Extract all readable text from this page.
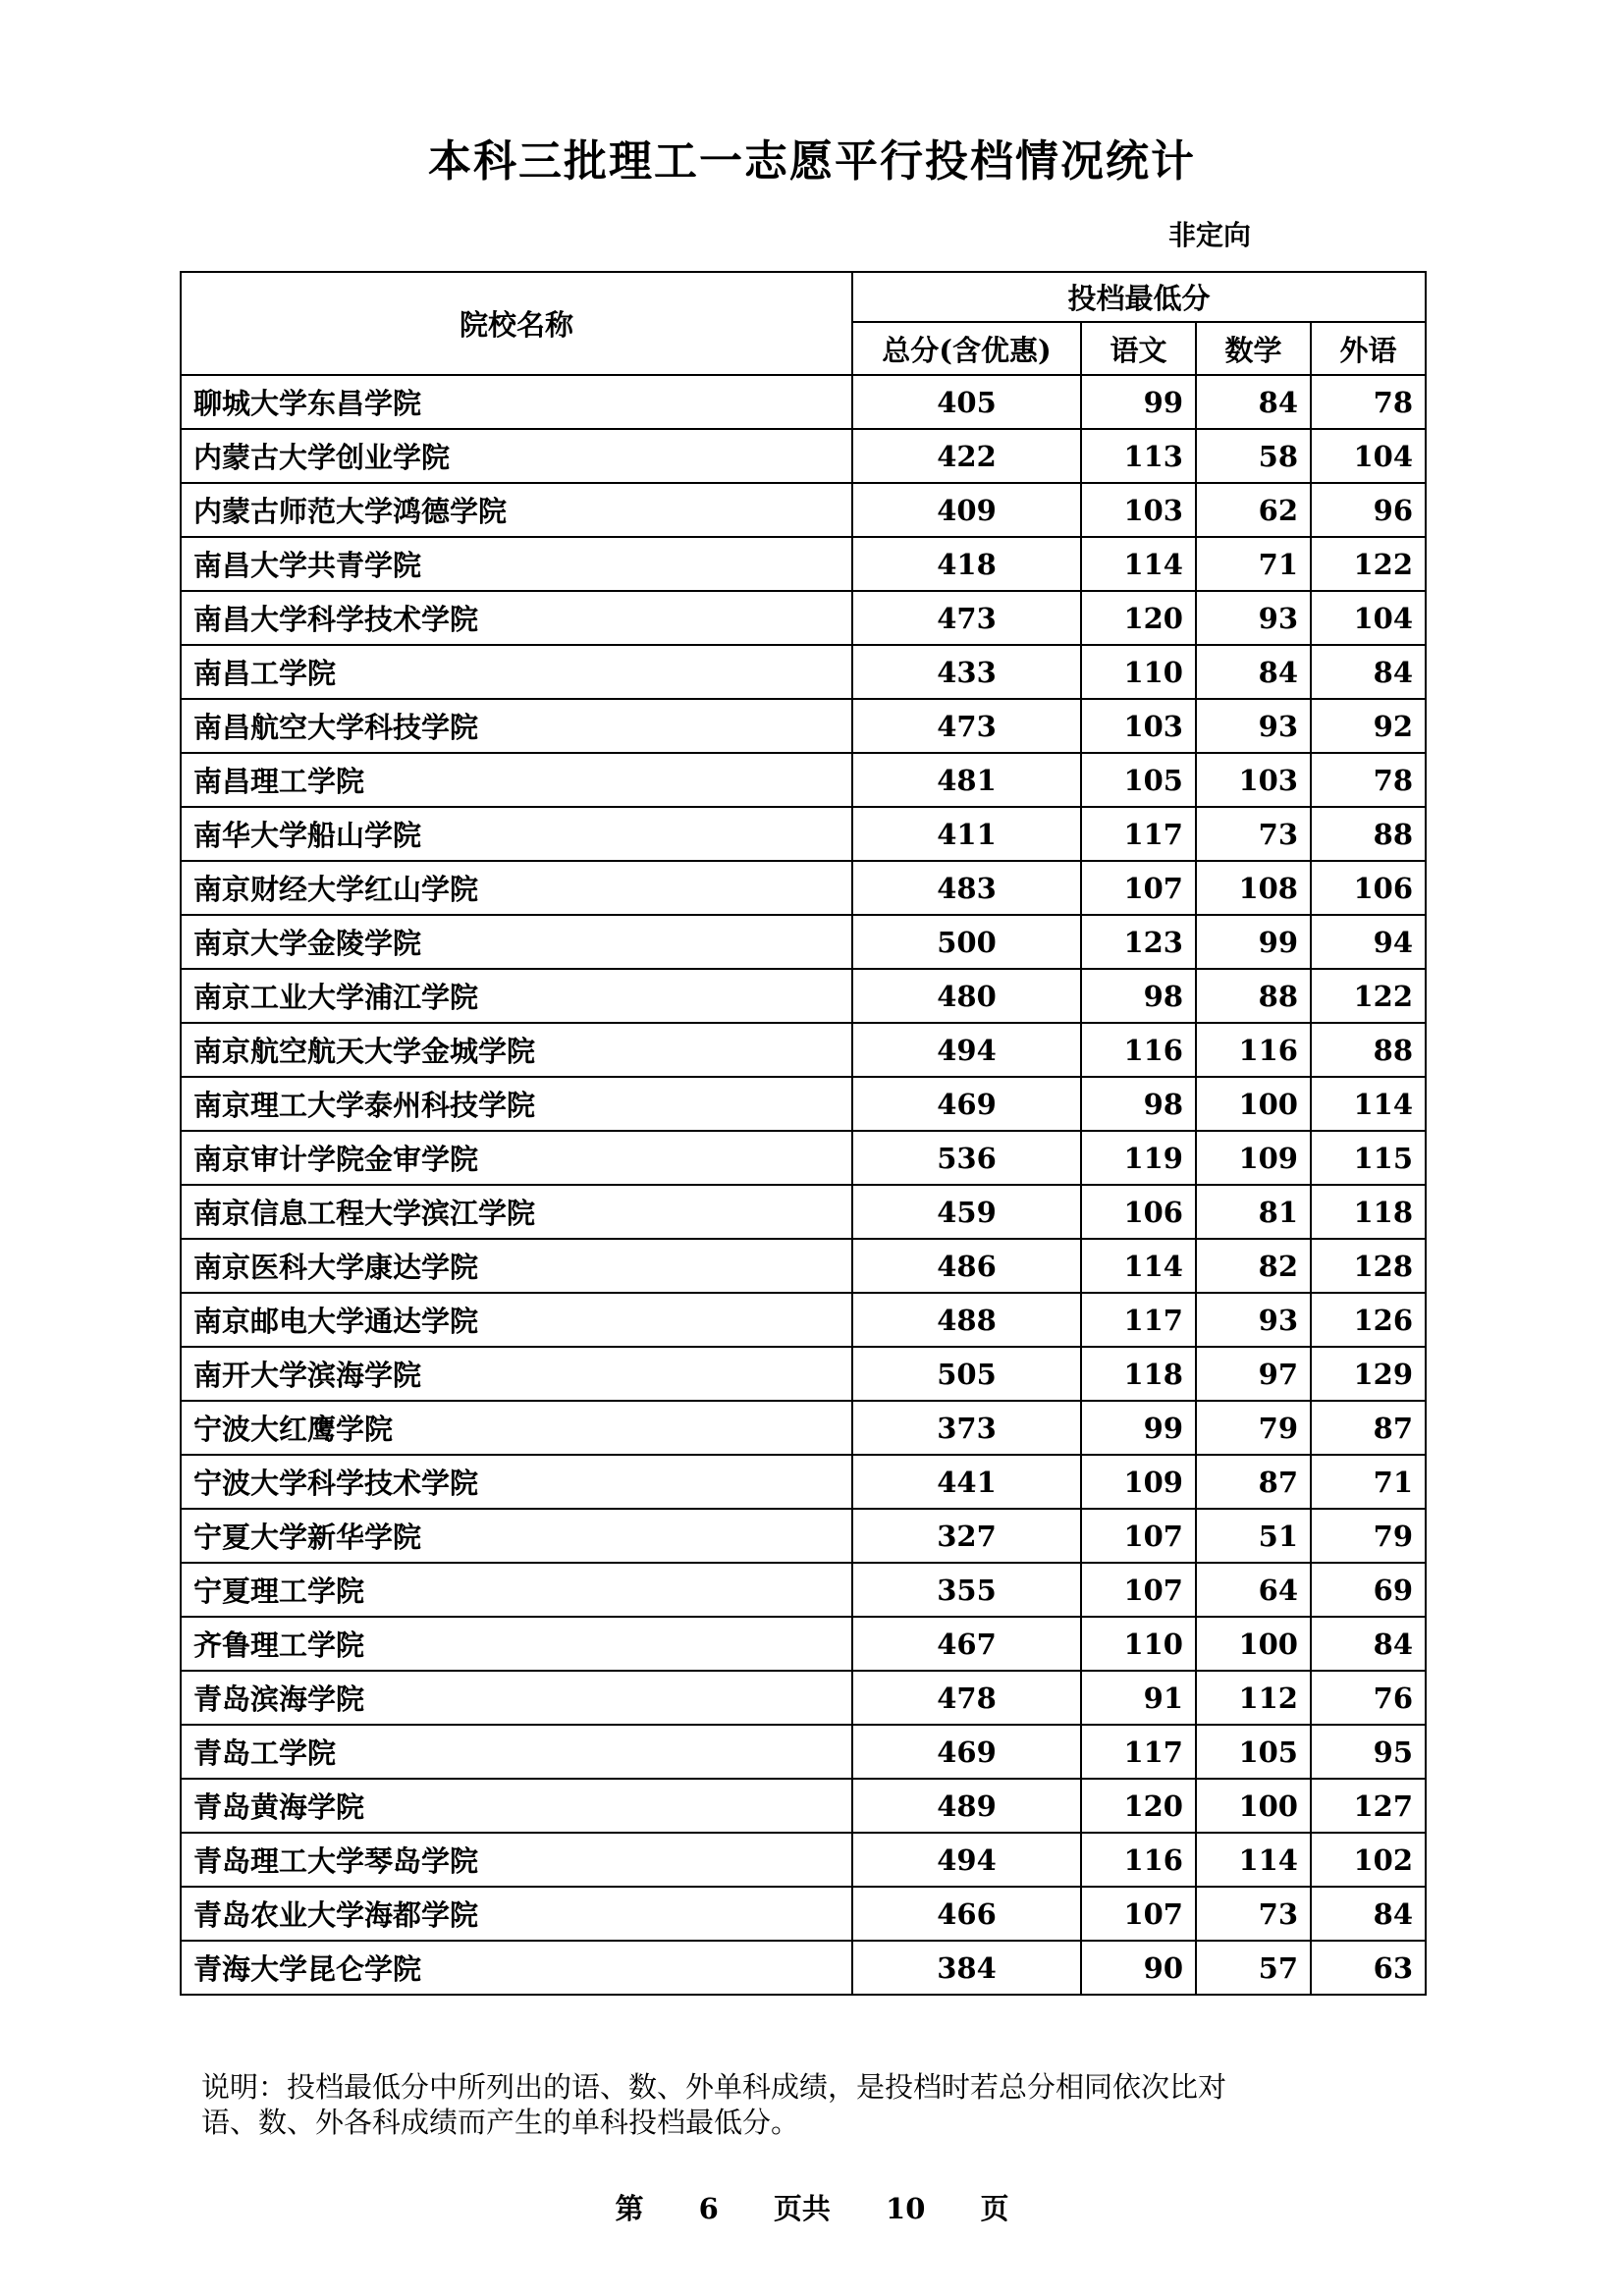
本科三批理工一志愿平行投档情况统计
非定向
院校名称	投档最低分			
	总分(含优惠)	语文	数学	外语
聊城大学东昌学院	405	99	84	78
内蒙古大学创业学院	422	113	58	104
内蒙古师范大学鸿德学院	409	103	62	96
南昌大学共青学院	418	114	71	122
南昌大学科学技术学院	473	120	93	104
南昌工学院	433	110	84	84
南昌航空大学科技学院	473	103	93	92
南昌理工学院	481	105	103	78
南华大学船山学院	411	117	73	88
南京财经大学红山学院	483	107	108	106
南京大学金陵学院	500	123	99	94
南京工业大学浦江学院	480	98	88	122
南京航空航天大学金城学院	494	116	116	88
南京理工大学泰州科技学院	469	98	100	114
南京审计学院金审学院	536	119	109	115
南京信息工程大学滨江学院	459	106	81	118
南京医科大学康达学院	486	114	82	128
南京邮电大学通达学院	488	117	93	126
南开大学滨海学院	505	118	97	129
宁波大红鹰学院	373	99	79	87
宁波大学科学技术学院	441	109	87	71
宁夏大学新华学院	327	107	51	79
宁夏理工学院	355	107	64	69
齐鲁理工学院	467	110	100	84
青岛滨海学院	478	91	112	76
青岛工学院	469	117	105	95
青岛黄海学院	489	120	100	127
青岛理工大学琴岛学院	494	116	114	102
青岛农业大学海都学院	466	107	73	84
青海大学昆仑学院	384	90	57	63
说明：投档最低分中所列出的语、数、外单科成绩，是投档时若总分相同依次比对
语、数、外各科成绩而产生的单科投档最低分。
第 6 页共 10 页
